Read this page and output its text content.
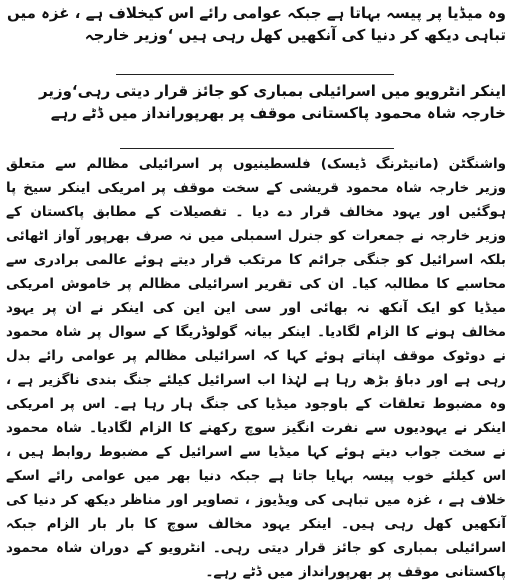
وہ میڈیا پر پیسہ بہاتا ہے جبکہ عوامی رائے اس کیخلاف ہے ، غزہ میں تباہی دیکھ کر دنیا کی آنکھیں کھل رہی ہیں ‘وزیر خارجہ
اینکر انٹرویو میں اسرائیلی بمباری کو جائز قرار دیتی رہی‘وزیر خارجہ شاہ محمود پاکستانی موقف پر بھرپورانداز میں ڈٹے رہے
واشنگٹن (مانیٹرنگ ڈیسک) فلسطینیوں پر اسرائیلی مظالم سے متعلق وزیر خارجہ شاہ محمود قریشی کے سخت موقف پر امریکی اینکر سیخ پا ہوگئیں اور یہود مخالف قرار دے دیا ۔ تفصیلات کے مطابق پاکستان کے وزیر خارجہ نے جمعرات کو جنرل اسمبلی میں نہ صرف بھرپور آواز اٹھائی بلکہ اسرائیل کو جنگی جرائم کا مرتکب قرار دیتے ہوئے عالمی برادری سے محاسبے کا مطالبہ کیا۔ ان کی تقریر اسرائیلی مظالم پر خاموش امریکی میڈیا کو ایک آنکھ نہ بھائی اور سی این این کی اینکر نے ان پر یہود مخالف ہونے کا الزام لگادیا۔ اینکر بیانہ گولوڈریگا کے سوال پر شاہ محمود نے دوٹوک موقف اپناتے ہوئے کہا کہ اسرائیلی مظالم پر عوامی رائے بدل رہی ہے اور دباؤ بڑھ رہا ہے لہٰذا اب اسرائیل کیلئے جنگ بندی ناگزیر ہے ، وہ مضبوط تعلقات کے باوجود میڈیا کی جنگ ہار رہا ہے۔ اس پر امریکی اینکر نے یہودیوں سے نفرت انگیز سوچ رکھنے کا الزام لگادیا۔ شاہ محمود نے سخت جواب دیتے ہوئے کہا میڈیا سے اسرائیل کے مضبوط روابط ہیں ، اس کیلئے خوب پیسہ بہایا جاتا ہے جبکہ دنیا بھر میں عوامی رائے اسکے خلاف ہے ، غزہ میں تباہی کی ویڈیوز ، تصاویر اور مناظر دیکھ کر دنیا کی آنکھیں کھل رہی ہیں۔ اینکر یہود مخالف سوچ کا بار بار الزام جبکہ اسرائیلی بمباری کو جائز قرار دیتی رہی۔ انٹرویو کے دوران شاہ محمود پاکستانی موقف پر بھرپورانداز میں ڈٹے رہے۔
